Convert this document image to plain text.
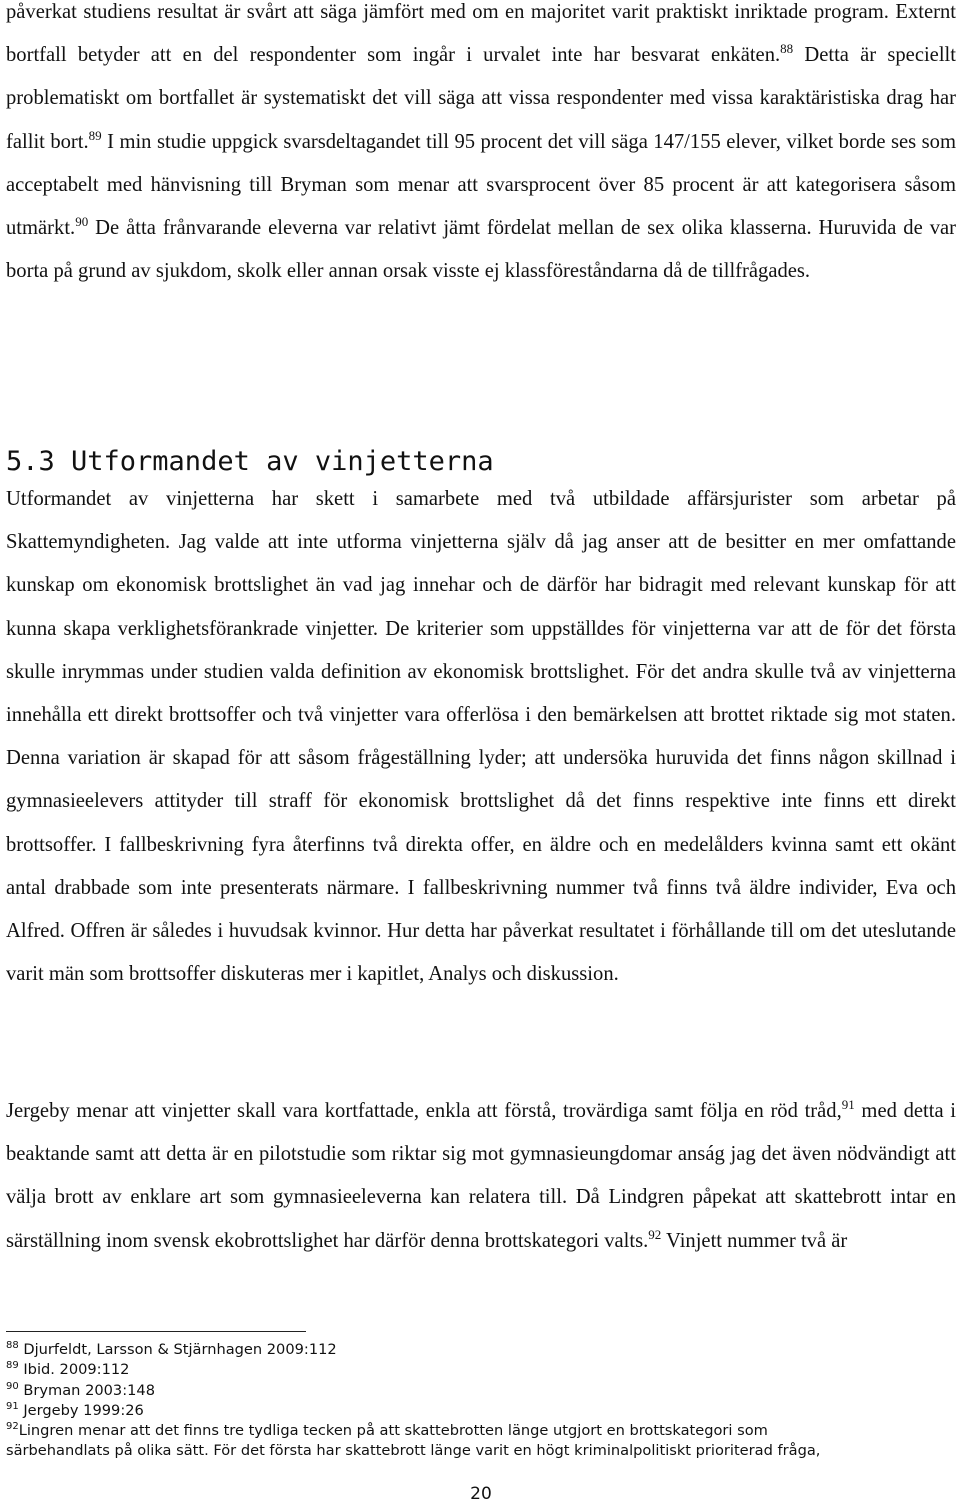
påverkat studiens resultat är svårt att säga jämfört med om en majoritet varit praktiskt inriktade program. Externt bortfall betyder att en del respondenter som ingår i urvalet inte har besvarat enkäten.$^{88}$ Detta är speciellt problematiskt om bortfallet är systematiskt det vill säga att vissa respondenter med vissa karaktäristiska drag har fallit bort.$^{89}$ I min studie uppgick svarsdeltagandet till 95 procent det vill säga 147/155 elever, vilket borde ses som acceptabelt med hänvisning till Bryman som menar att svarsprocent över 85 procent är att kategorisera såsom utmärkt.$^{90}$ De åtta frånvarande eleverna var relativt jämt fördelat mellan de sex olika klasserna. Huruvida de var borta på grund av sjukdom, skolk eller annan orsak visste ej klassföreståndarna då de tillfrågades.

5.3 Utformandet av vinjetterna

Utformandet av vinjetterna har skett i samarbete med två utbildade affärsjurister som arbetar på Skattemyndigheten. Jag valde att inte utforma vinjetterna själv då jag anser att de besitter en mer omfattande kunskap om ekonomisk brottslighet än vad jag innehar och de därför har bidragit med relevant kunskap för att kunna skapa verklighetsförankrade vinjetter. De kriterier som uppställdes för vinjetterna var att de för det första skulle inrymmas under studien valda definition av ekonomisk brottslighet. För det andra skulle två av vinjetterna innehålla ett direkt brottsoffer och två vinjetter vara offerlösa i den bemärkelsen att brottet riktade sig mot staten. Denna variation är skapad för att såsom frågeställning lyder; att undersöka huruvida det finns någon skillnad i gymnasieelevers attityder till straff för ekonomisk brottslighet då det finns respektive inte finns ett direkt brottsoffer. I fallbeskrivning fyra återfinns två direkta offer, en äldre och en medelålders kvinna samt ett okänt antal drabbade som inte presenterats närmare. I fallbeskrivning nummer två finns två äldre individer, Eva och Alfred. Offren är således i huvudsak kvinnor. Hur detta har påverkat resultatet i förhållande till om det uteslutande varit män som brottsoffer diskuteras mer i kapitlet, Analys och diskussion.

Jergeby menar att vinjetter skall vara kortfattade, enkla att förstå, trovärdiga samt följa en röd tråd,$^{91}$ med detta i beaktande samt att detta är en pilotstudie som riktar sig mot gymnasieungdomar anság jag det även nödvändigt att välja brott av enklare art som gymnasieeleverna kan relatera till. Då Lindgren påpekat att skattebrott intar en särställning inom svensk ekobrottslighet har därför denna brottskategori valts.$^{92}$ Vinjett nummer två är

$^{88}$ Djurfeldt, Larsson & Stjärnhagen 2009:112

$^{89}$ Ibid. 2009:112

$^{90}$ Bryman 2003:148

$^{91}$ Jergeby 1999:26

$^{92}$Lingren menar att det finns tre tydliga tecken på att skattebrotten länge utgjort en brottskategori som

särbehandlats på olika sätt. För det första har skattebrott länge varit en högt kriminalpolitiskt prioriterad fråga,

20
